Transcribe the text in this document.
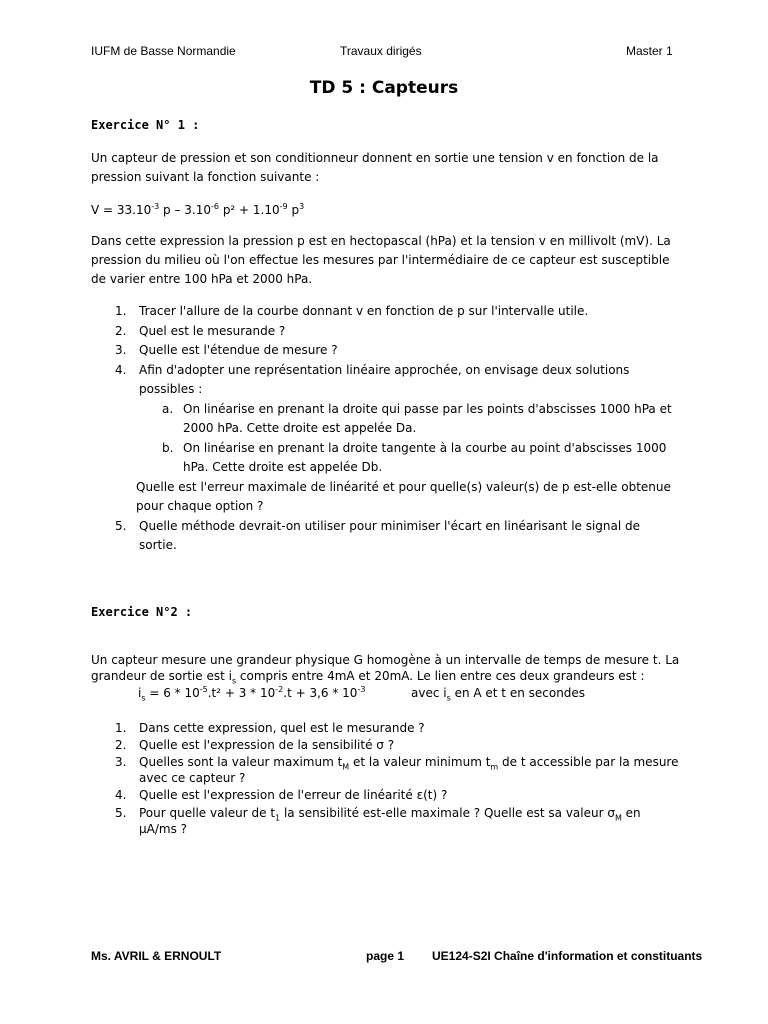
IUFM de Basse Normandie	Travaux dirigés	Master 1
TD 5 : Capteurs
Exercice N° 1 :
Un capteur de pression et son conditionneur donnent en sortie une tension v en fonction de la
pression suivant la fonction suivante :
$V = 33.10^{-3}$ p – $3.10^{-6}$ $p^2 + 1.10^{-9}$ $p^3$
Dans cette expression la pression p est en hectopascal (hPa) et la tension v en millivolt (mV). La
pression du milieu où l'on effectue les mesures par l'intermédiaire de ce capteur est susceptible
de varier entre 100 hPa et 2000 hPa.
1. Tracer l'allure de la courbe donnant v en fonction de p sur l'intervalle utile.
2. Quel est le mesurande ?
3. Quelle est l'étendue de mesure ?
4. Afin d'adopter une représentation linéaire approchée, on envisage deux solutions
possibles :
a. On linéarise en prenant la droite qui passe par les points d'abscisses 1000 hPa et
2000 hPa. Cette droite est appelée Da.
b. On linéarise en prenant la droite tangente à la courbe au point d'abscisses 1000
hPa. Cette droite est appelée Db.
Quelle est l'erreur maximale de linéarité et pour quelle(s) valeur(s) de p est-elle obtenue
pour chaque option ?
5. Quelle méthode devrait-on utiliser pour minimiser l'écart en linéarisant le signal de
sortie.
Exercice N°2 :
Un capteur mesure une grandeur physique G homogène à un intervalle de temps de mesure t. La
grandeur de sortie est $i_s$ compris entre 4mA et 20mA. Le lien entre ces deux grandeurs est :
$i_s = 6 * 10^{-5}.t^2 + 3 * 10^{-2}.t + 3,6 * 10^{-3}$	avec $i_s$ en A et t en secondes
1. Dans cette expression, quel est le mesurande ?
2. Quelle est l'expression de la sensibilité σ ?
3. Quelles sont la valeur maximum $t_M$ et la valeur minimum $t_m$ de t accessible par la mesure
avec ce capteur ?
4. Quelle est l'expression de l'erreur de linéarité ε(t) ?
5. Pour quelle valeur de $t_1$ la sensibilité est-elle maximale ? Quelle est sa valeur $\sigma_M$ en
μA/ms ?
Ms. AVRIL & ERNOULT	page 1 UE124-S2I Chaîne d'information et constituants
